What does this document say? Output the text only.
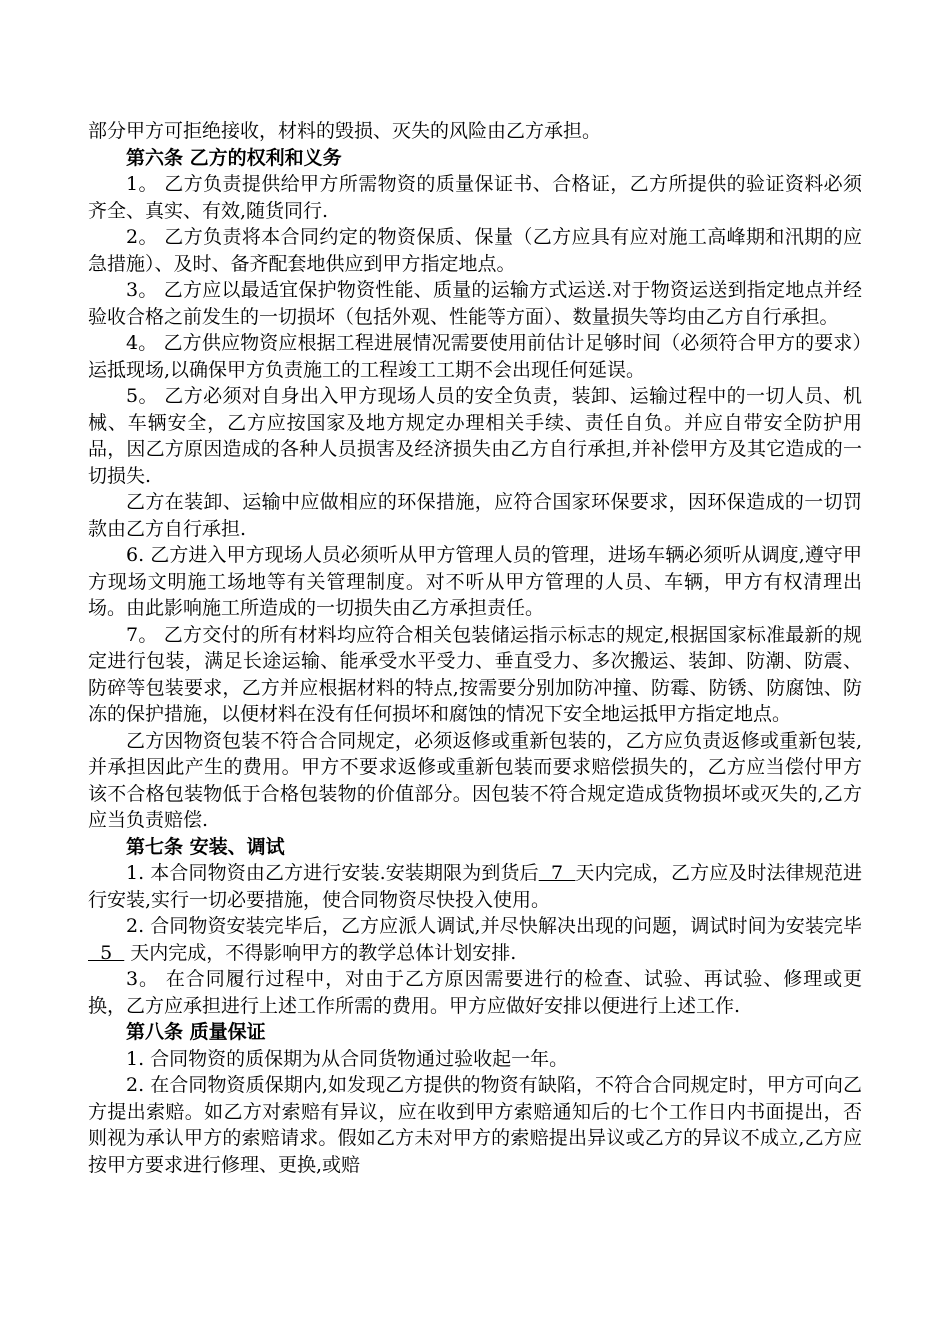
部分甲方可拒绝接收，材料的毁损、灭失的风险由乙方承担。

第六条 乙方的权利和义务

1。 乙方负责提供给甲方所需物资的质量保证书、合格证，乙方所提供的验证资料必须齐全、真实、有效,随货同行.

2。 乙方负责将本合同约定的物资保质、保量（乙方应具有应对施工高峰期和汛期的应急措施）、及时、备齐配套地供应到甲方指定地点。

3。 乙方应以最适宜保护物资性能、质量的运输方式运送.对于物资运送到指定地点并经验收合格之前发生的一切损坏（包括外观、性能等方面）、数量损失等均由乙方自行承担。

4。 乙方供应物资应根据工程进展情况需要使用前估计足够时间（必须符合甲方的要求）运抵现场,以确保甲方负责施工的工程竣工工期不会出现任何延误。

5。 乙方必须对自身出入甲方现场人员的安全负责，装卸、运输过程中的一切人员、机械、车辆安全，乙方应按国家及地方规定办理相关手续、责任自负。并应自带安全防护用品，因乙方原因造成的各种人员损害及经济损失由乙方自行承担,并补偿甲方及其它造成的一切损失.

乙方在装卸、运输中应做相应的环保措施，应符合国家环保要求，因环保造成的一切罚款由乙方自行承担.

6. 乙方进入甲方现场人员必须听从甲方管理人员的管理，进场车辆必须听从调度,遵守甲方现场文明施工场地等有关管理制度。对不听从甲方管理的人员、车辆，甲方有权清理出场。由此影响施工所造成的一切损失由乙方承担责任。

7。 乙方交付的所有材料均应符合相关包装储运指示标志的规定,根据国家标准最新的规定进行包装，满足长途运输、能承受水平受力、垂直受力、多次搬运、装卸、防潮、防震、防碎等包装要求，乙方并应根据材料的特点,按需要分别加防冲撞、防霉、防锈、防腐蚀、防冻的保护措施，以便材料在没有任何损坏和腐蚀的情况下安全地运抵甲方指定地点。

乙方因物资包装不符合合同规定，必须返修或重新包装的，乙方应负责返修或重新包装,并承担因此产生的费用。甲方不要求返修或重新包装而要求赔偿损失的，乙方应当偿付甲方该不合格包装物低于合格包装物的价值部分。因包装不符合规定造成货物损坏或灭失的,乙方应当负责赔偿.

第七条 安装、调试

1. 本合同物资由乙方进行安装.安装期限为到货后  7  天内完成，乙方应及时法律规范进行安装,实行一切必要措施，使合同物资尽快投入使用。

2. 合同物资安装完毕后，乙方应派人调试,并尽快解决出现的问题，调试时间为安装完毕  5   天内完成，不得影响甲方的教学总体计划安排.

3。 在合同履行过程中，对由于乙方原因需要进行的检查、试验、再试验、修理或更换，乙方应承担进行上述工作所需的费用。甲方应做好安排以便进行上述工作.

第八条 质量保证

1. 合同物资的质保期为从合同货物通过验收起一年。

2. 在合同物资质保期内,如发现乙方提供的物资有缺陷，不符合合同规定时，甲方可向乙方提出索赔。如乙方对索赔有异议，应在收到甲方索赔通知后的七个工作日内书面提出，否则视为承认甲方的索赔请求。假如乙方未对甲方的索赔提出异议或乙方的异议不成立,乙方应按甲方要求进行修理、更换,或赔
